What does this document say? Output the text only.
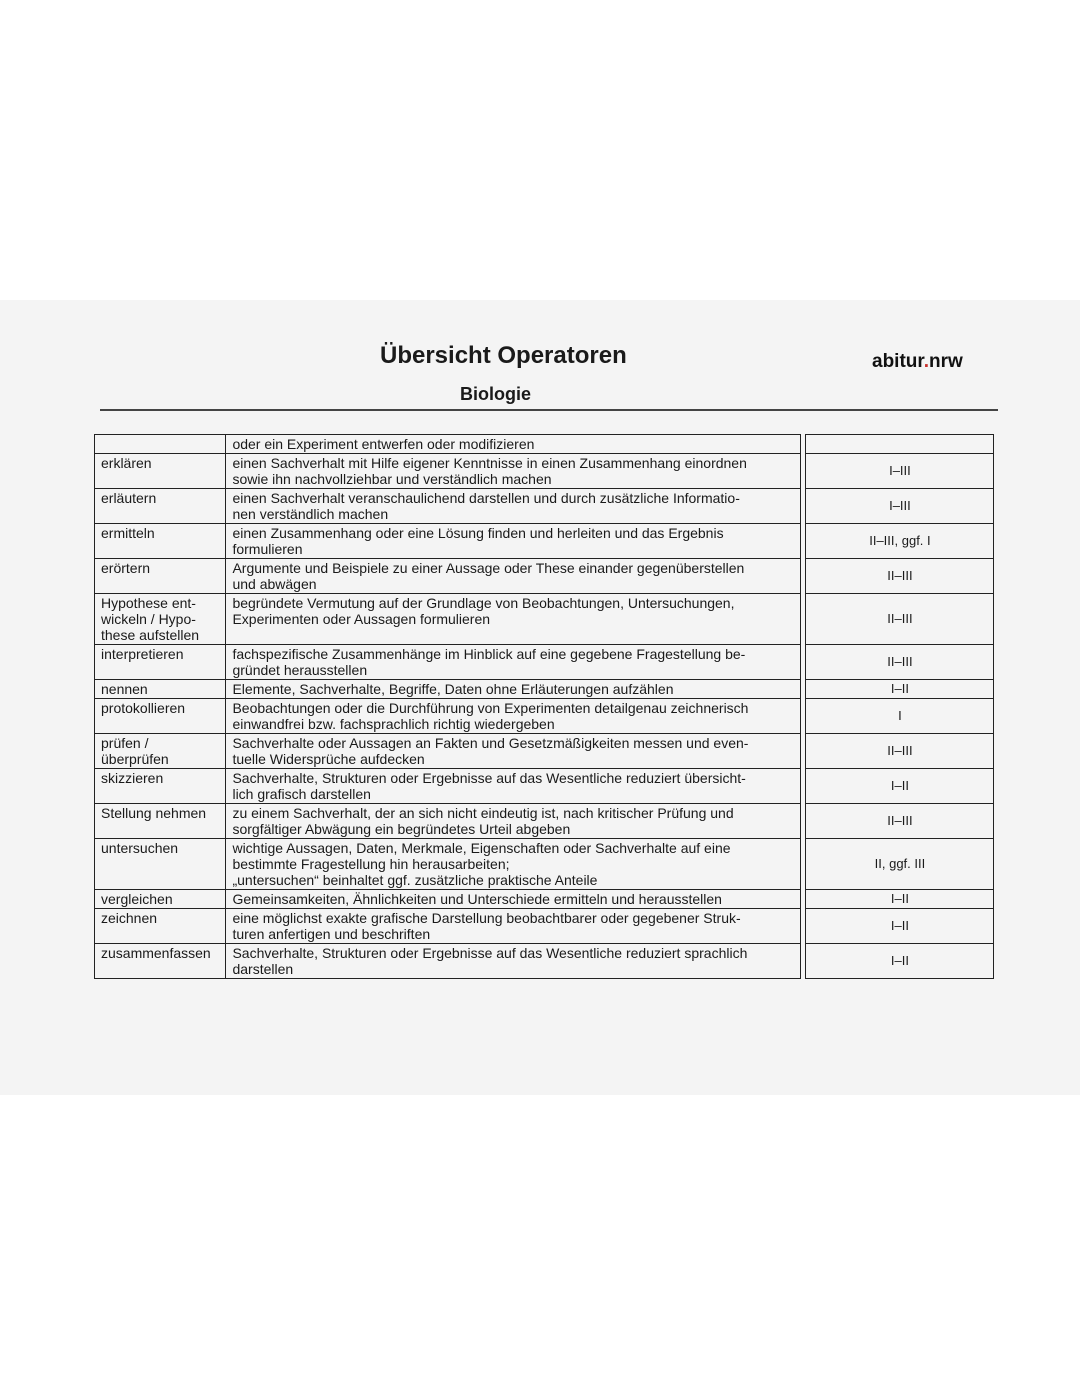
Übersicht Operatoren
Biologie
abitur.nrw
	oder ein Experiment entwerfen oder modifizieren		
erklären	einen Sachverhalt mit Hilfe eigener Kenntnisse in einen Zusammenhang einordnen
sowie ihn nachvollziehbar und verständlich machen		I–III
erläutern	einen Sachverhalt veranschaulichend darstellen und durch zusätzliche Informatio-
nen verständlich machen		I–III
ermitteln	einen Zusammenhang oder eine Lösung finden und herleiten und das Ergebnis
formulieren		II–III, ggf. I
erörtern	Argumente und Beispiele zu einer Aussage oder These einander gegenüberstellen
und abwägen		II–III
Hypothese ent-
wickeln / Hypo-
these aufstellen	begründete Vermutung auf der Grundlage von Beobachtungen, Untersuchungen,
Experimenten oder Aussagen formulieren		II–III
interpretieren	fachspezifische Zusammenhänge im Hinblick auf eine gegebene Fragestellung be-
gründet herausstellen		II–III
nennen	Elemente, Sachverhalte, Begriffe, Daten ohne Erläuterungen aufzählen		I–II
protokollieren	Beobachtungen oder die Durchführung von Experimenten detailgenau zeichnerisch
einwandfrei bzw. fachsprachlich richtig wiedergeben		I
prüfen /
überprüfen	Sachverhalte oder Aussagen an Fakten und Gesetzmäßigkeiten messen und even-
tuelle Widersprüche aufdecken		II–III
skizzieren	Sachverhalte, Strukturen oder Ergebnisse auf das Wesentliche reduziert übersicht-
lich grafisch darstellen		I–II
Stellung nehmen	zu einem Sachverhalt, der an sich nicht eindeutig ist, nach kritischer Prüfung und
sorgfältiger Abwägung ein begründetes Urteil abgeben		II–III
untersuchen	wichtige Aussagen, Daten, Merkmale, Eigenschaften oder Sachverhalte auf eine
bestimmte Fragestellung hin herausarbeiten;
„untersuchen“ beinhaltet ggf. zusätzliche praktische Anteile		II, ggf. III
vergleichen	Gemeinsamkeiten, Ähnlichkeiten und Unterschiede ermitteln und herausstellen		I–II
zeichnen	eine möglichst exakte grafische Darstellung beobachtbarer oder gegebener Struk-
turen anfertigen und beschriften		I–II
zusammenfassen	Sachverhalte, Strukturen oder Ergebnisse auf das Wesentliche reduziert sprachlich
darstellen		I–II
